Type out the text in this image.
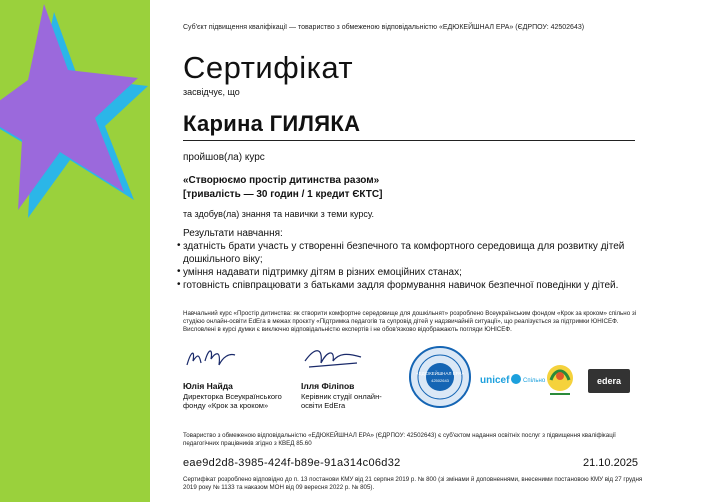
Суб'єкт підвищення кваліфікації — товариство з обмеженою відповідальністю «ЕДЮКЕЙШНАЛ ЕРА» (ЄДРПОУ: 42502643)
Сертифікат
засвідчує, що
Карина ГИЛЯКА
пройшов(ла) курс
«Створюємо простір дитинства разом»
[тривалість — 30 годин / 1 кредит ЄКТС]
та здобув(ла) знання та навички з теми курсу.
Результати навчання:
• здатність брати участь у створенні безпечного та комфортного середовища для розвитку дітей дошкільного віку;
• уміння надавати підтримку дітям в різних емоційних станах;
• готовність співпрацювати з батьками задля формування навичок безпечної поведінки у дітей.
Навчальний курс «Простір дитинства: як створити комфортне середовище для дошкільнят» розроблено Всеукраїнським фондом «Крок за кроком» спільно зі студією онлайн-освіти EdEra в межах проєкту «Підтримка педагогів та супровід дітей у надзвичайній ситуації», що реалізується за підтримки ЮНІСЕФ. Висловлені в курсі думки є виключно відповідальністю експертів і не обов'язково відображають погляди ЮНІСЕФ.
Юлія Найда
Директорка Всеукраїнського фонду «Крок за кроком»
Ілля Філіпов
Керівник студії онлайн-освіти EdEra
«ЕДЮКЕЙШНАЛ ЕРА»
42502643	unicef Спільно	edera
Товариство з обмеженою відповідальністю «ЕДЮКЕЙШНАЛ ЕРА» (ЄДРПОУ: 42502643) є суб'єктом надання освітніх послуг з підвищення кваліфікації педагогічних працівників згідно з КВЕД 85.60
eae9d2d8-3985-424f-b89e-91a314c06d32	21.10.2025
Сертифікат розроблено відповідно до п. 13 постанови КМУ від 21 серпня 2019 р. № 800 (зі змінами й доповненнями, внесеними постановою КМУ від 27 грудня 2019 року № 1133 та наказом МОН від 09 вересня 2022 р. № 805).
